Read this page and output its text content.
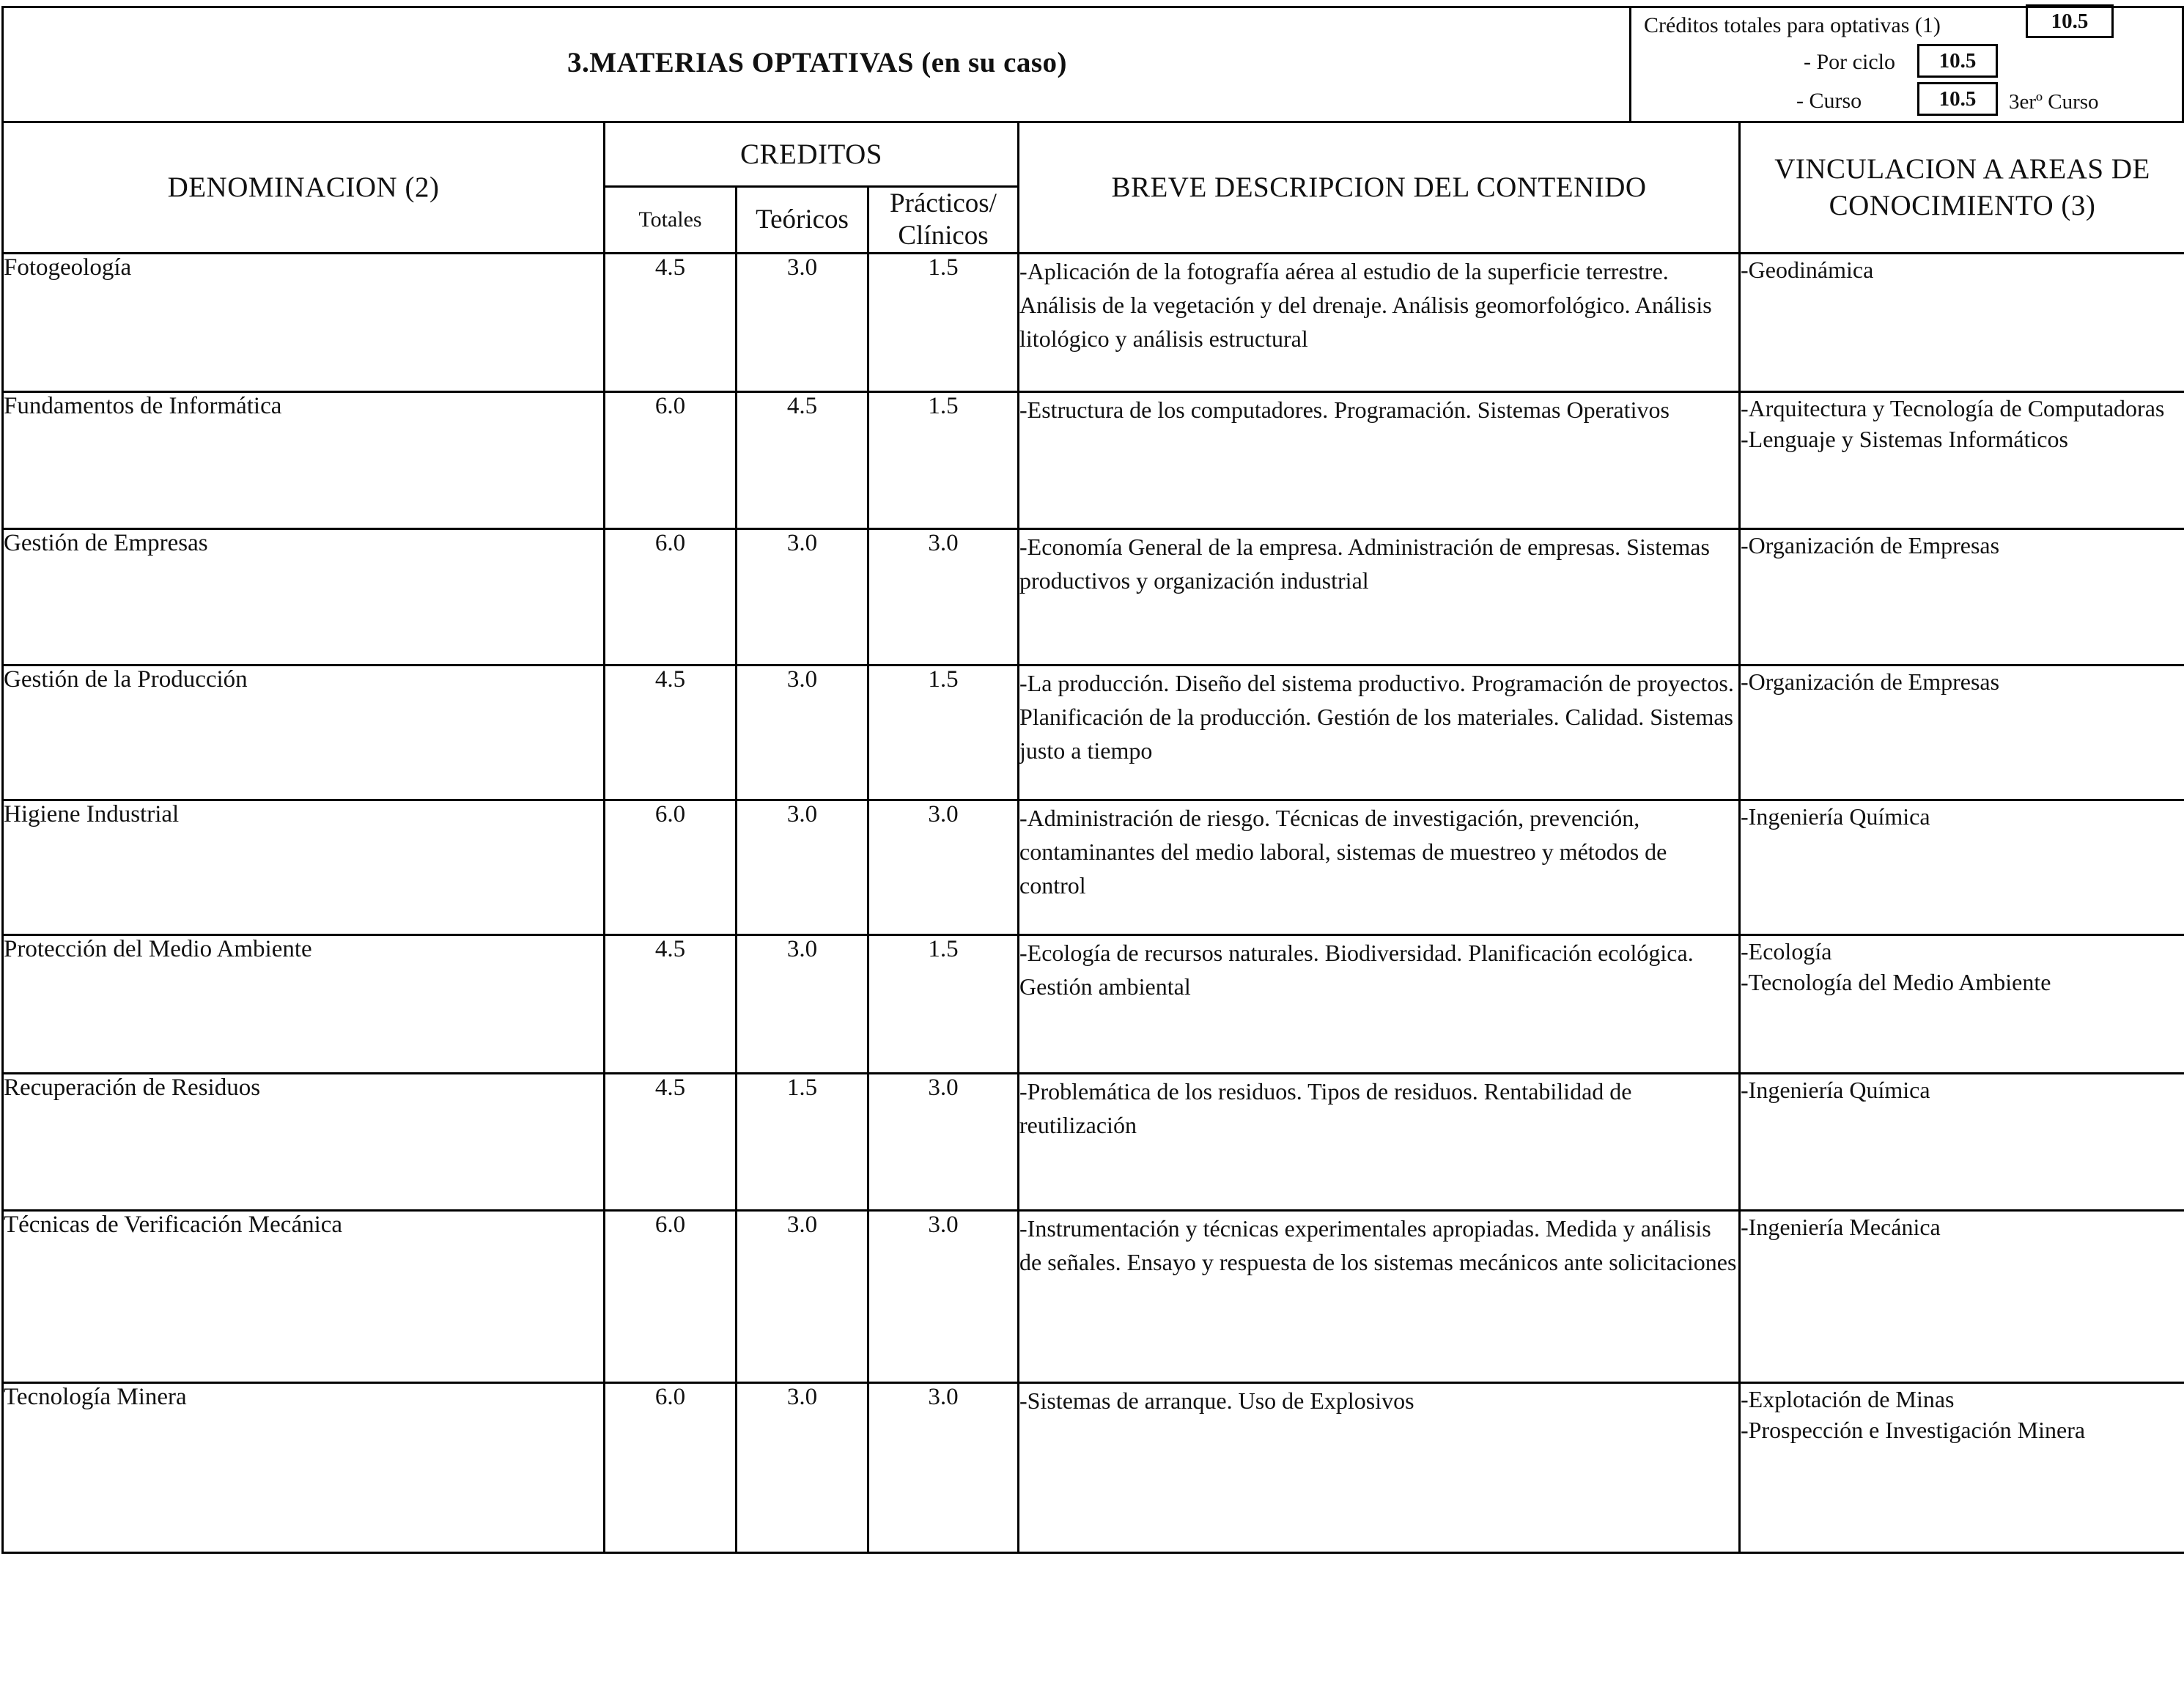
3.MATERIAS OPTATIVAS (en su caso)
Créditos totales para optativas (1)	10.5
- Por ciclo	10.5
- Curso	10.5	3erº Curso
DENOMINACION (2)	CREDITOS			BREVE DESCRIPCION DEL CONTENIDO	VINCULACION A AREAS DE CONOCIMIENTO (3)
	Totales	Teóricos	Prácticos/ Clínicos		
Fotogeología	4.5	3.0	1.5	-Aplicación de la fotografía aérea al estudio de la superficie terrestre. Análisis de la vegetación y del drenaje. Análisis geomorfológico. Análisis litológico y análisis estructural	-Geodinámica

Fundamentos de Informática	6.0	4.5	1.5	-Estructura de los computadores. Programación. Sistemas Operativos	-Arquitectura y Tecnología de Computadoras
-Lenguaje y Sistemas Informáticos

Gestión de Empresas	6.0	3.0	3.0	-Economía General de la empresa. Administración de empresas. Sistemas productivos y organización industrial	-Organización de Empresas

Gestión de la Producción	4.5	3.0	1.5	-La producción. Diseño del sistema productivo. Programación de proyectos. Planificación de la producción. Gestión de los materiales. Calidad. Sistemas justo a tiempo	-Organización de Empresas

Higiene Industrial	6.0	3.0	3.0	-Administración de riesgo. Técnicas de investigación, prevención, contaminantes del medio laboral, sistemas de muestreo y métodos de control	-Ingeniería Química

Protección del Medio Ambiente	4.5	3.0	1.5	-Ecología de recursos naturales. Biodiversidad. Planificación ecológica. Gestión ambiental	-Ecología
-Tecnología del Medio Ambiente

Recuperación de Residuos	4.5	1.5	3.0	-Problemática de los residuos. Tipos de residuos. Rentabilidad de reutilización	-Ingeniería Química

Técnicas de Verificación Mecánica	6.0	3.0	3.0	-Instrumentación y técnicas experimentales apropiadas. Medida y análisis de señales. Ensayo y respuesta de los sistemas mecánicos ante solicitaciones	-Ingeniería Mecánica

Tecnología Minera	6.0	3.0	3.0	-Sistemas de arranque. Uso de Explosivos	-Explotación de Minas
-Prospección e Investigación Minera
